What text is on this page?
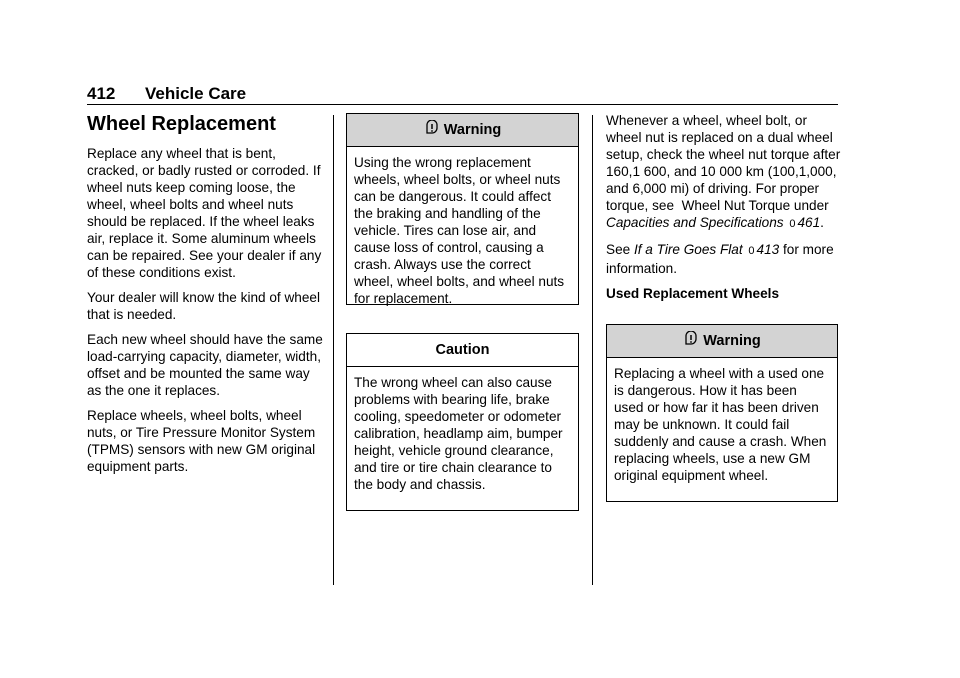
412 Vehicle Care
Wheel Replacement

Replace any wheel that is bent, cracked, or badly rusted or corroded. If wheel nuts keep coming loose, the wheel, wheel bolts and wheel nuts should be replaced. If the wheel leaks air, replace it. Some aluminum wheels can be repaired. See your dealer if any of these conditions exist.

Your dealer will know the kind of wheel that is needed.

Each new wheel should have the same load-carrying capacity, diameter, width, offset and be mounted the same way as the one it replaces.

Replace wheels, wheel bolts, wheel nuts, or Tire Pressure Monitor System (TPMS) sensors with new GM original equipment parts.

Warning
Using the wrong replacement wheels, wheel bolts, or wheel nuts can be dangerous. It could affect the braking and handling of the vehicle. Tires can lose air, and cause loss of control, causing a crash. Always use the correct wheel, wheel bolts, and wheel nuts for replacement.
Caution
The wrong wheel can also cause problems with bearing life, brake cooling, speedometer or odometer calibration, headlamp aim, bumper height, vehicle ground clearance, and tire or tire chain clearance to the body and chassis.

Whenever a wheel, wheel bolt, or wheel nut is replaced on a dual wheel setup, check the wheel nut torque after 160,1 600, and 10 000 km (100,1,000, and 6,000 mi) of driving. For proper torque, see  Wheel Nut Torque under Capacities and Specifications 0 461.

See If a Tire Goes Flat 0 413 for more information.

Used Replacement Wheels

Warning
Replacing a wheel with a used one is dangerous. How it has been used or how far it has been driven may be unknown. It could fail suddenly and cause a crash. When replacing wheels, use a new GM original equipment wheel.
